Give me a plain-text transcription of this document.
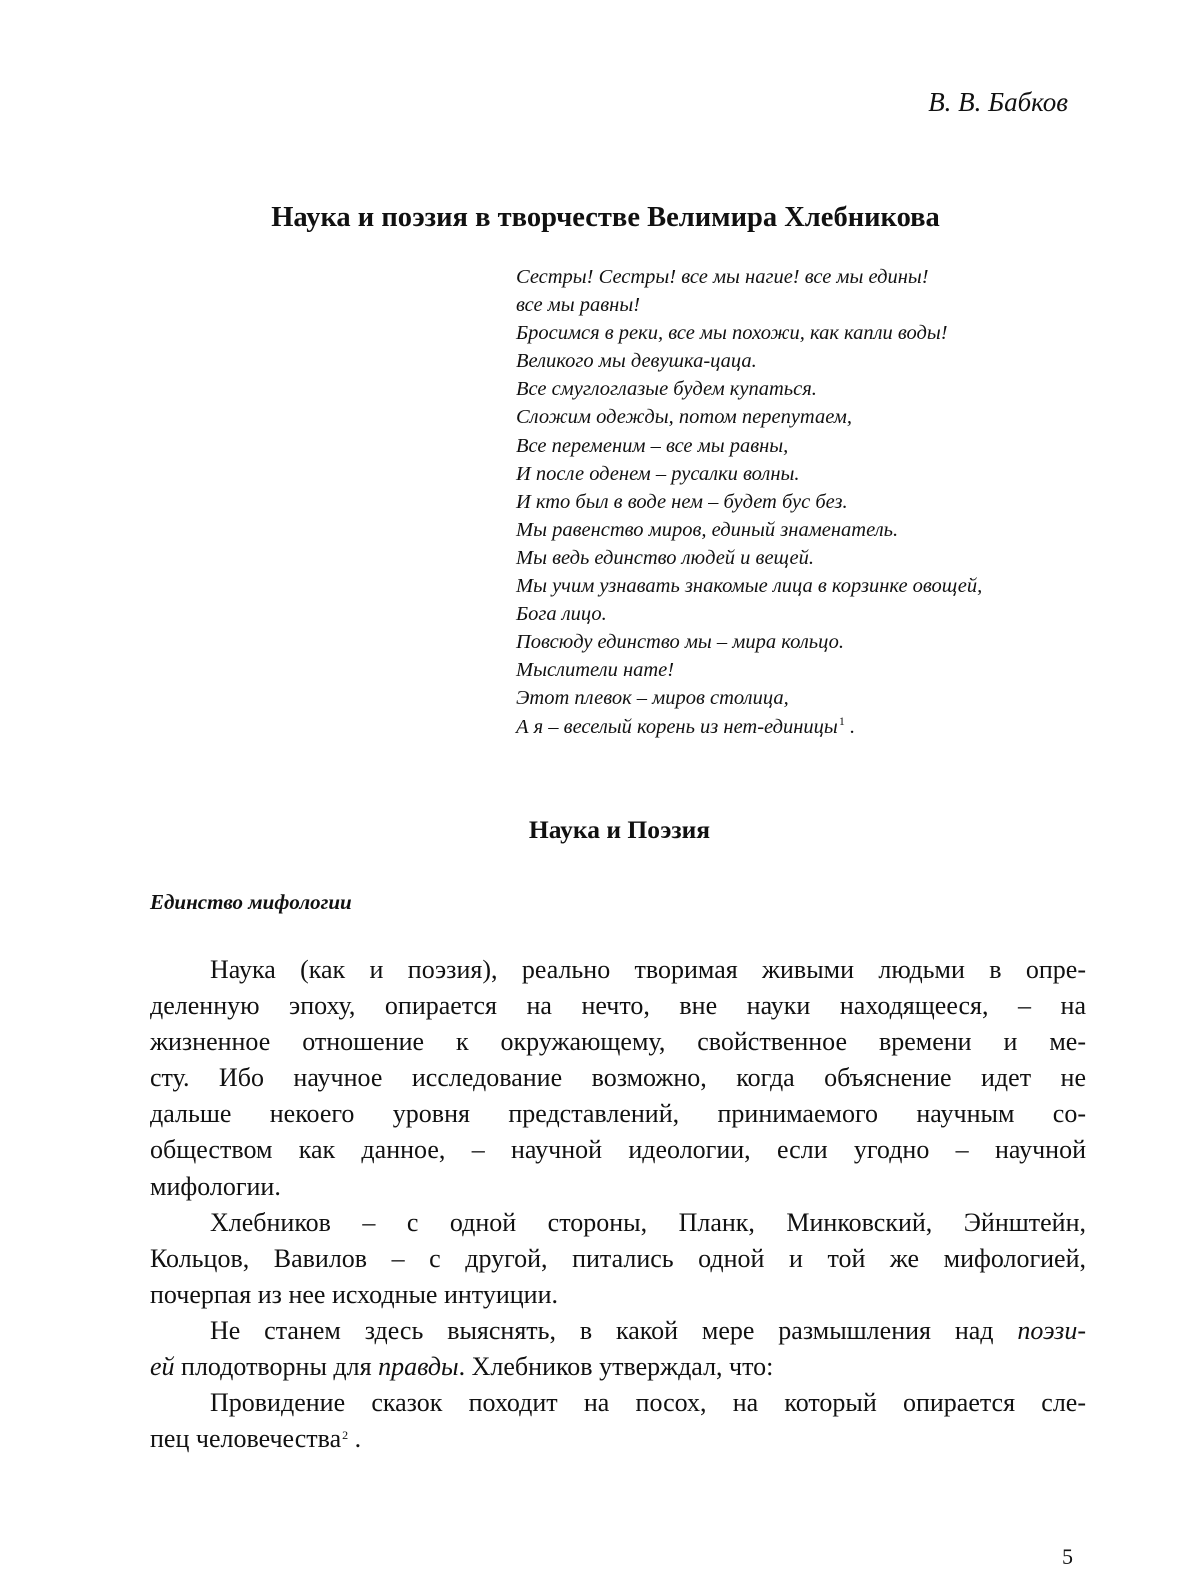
В. В. Бабков
Наука и поэзия в творчестве Велимира Хлебникова
Сестры! Сестры! все мы нагие! все мы едины!
все мы равны!
Бросимся в реки, все мы похожи, как капли воды!
Великого мы девушка-цаца.
Все смуглоглазые будем купаться.
Сложим одежды, потом перепутаем,
Все переменим – все мы равны,
И после оденем – русалки волны.
И кто был в воде нем – будет бус без.
Мы равенство миров, единый знаменатель.
Мы ведь единство людей и вещей.
Мы учим узнавать знакомые лица в корзинке овощей,
Бога лицо.
Повсюду единство мы – мира кольцо.
Мыслители нате!
Этот плевок – миров столица,
А я – веселый корень из нет-единицы$^1$ .
Наука и Поэзия
Единство мифологии
Наука (как и поэзия), реально творимая живыми людьми в опре-
деленную эпоху, опирается на нечто, вне науки находящееся, – на
жизненное отношение к окружающему, свойственное времени и ме-
сту. Ибо научное исследование возможно, когда объяснение идет не
дальше некоего уровня представлений, принимаемого научным со-
обществом как данное, – научной идеологии, если угодно – научной
мифологии.
Хлебников – с одной стороны, Планк, Минковский, Эйнштейн,
Кольцов, Вавилов – с другой, питались одной и той же мифологией,
почерпая из нее исходные интуиции.
Не станем здесь выяснять, в какой мере размышления над поэзи-
ей плодотворны для правды. Хлебников утверждал, что:
Провидение сказок походит на посох, на который опирается сле-
пец человечества$^2$ .
5
